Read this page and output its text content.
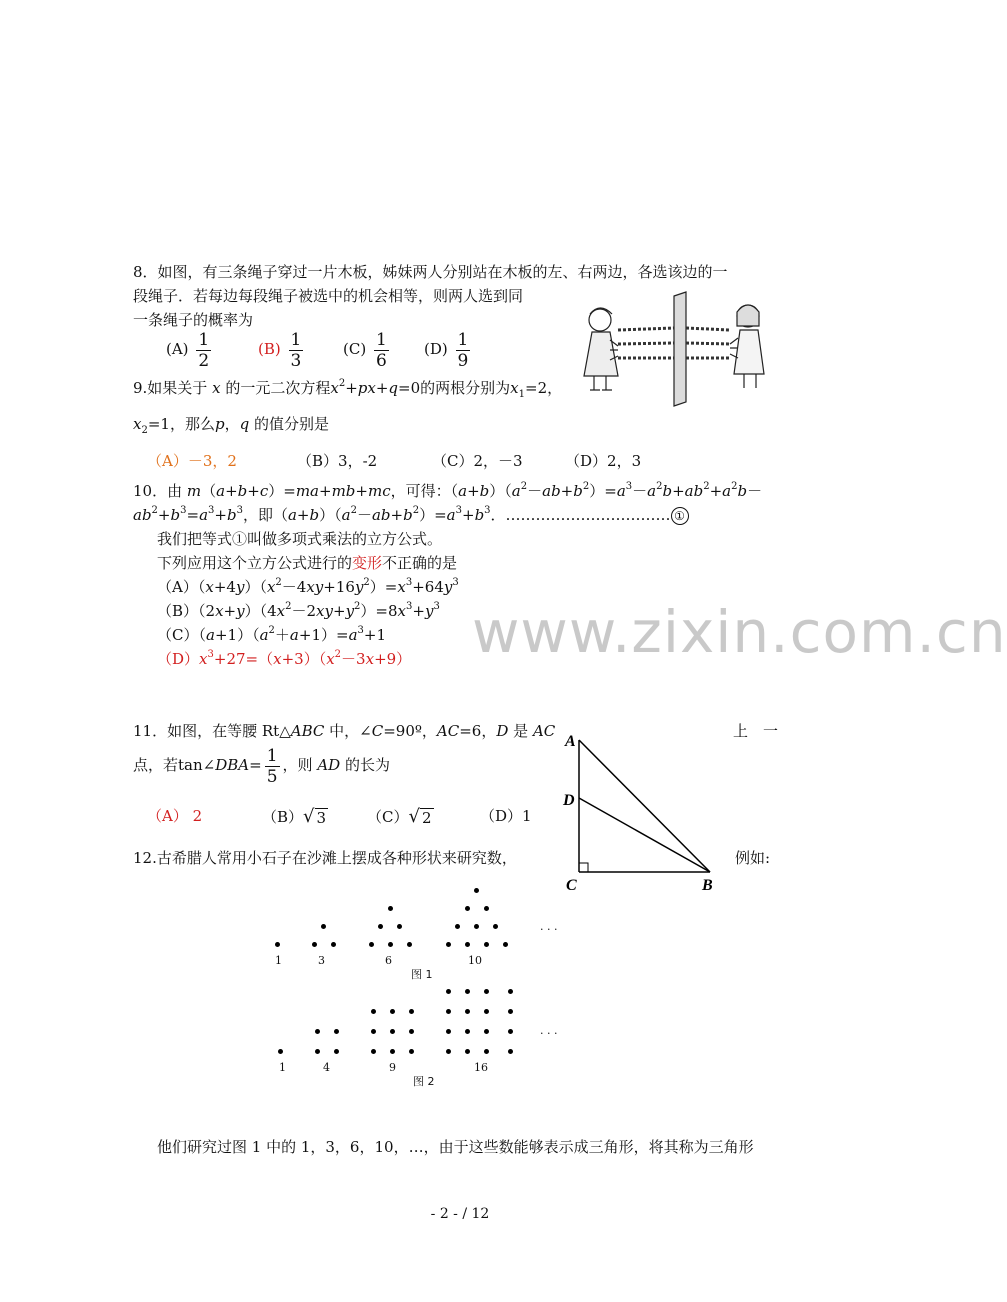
www.zixin.com.cn
8．如图，有三条绳子穿过一片木板，姊妹两人分别站在木板的左、右两边，各选该边的一
段绳子．若每边每段绳子被选中的机会相等，则两人选到同
一条绳子的概率为
$(A) \frac{1}{2}$	$(B) \frac{1}{3}$	$(C) \frac{1}{6} (D) \frac{1}{9}$
9.如果关于 x 的一元二次方程$x^2+px+q=0$的两根分别为$x_1=2$，
$x_2=1$，那么p，q 的值分别是
（A）－3，2	（B）3，-2	（C）2，－3	（D）2，3
10．由 m（a+b+c）=ma+mb+mc，可得：$(a+b)(a^2-ab+b^2)=a^3-a^2b+ab^2+a^2b-$
$ab^2+b^3=a^3+b^3$，即$(a+b)(a^2-ab+b^2)=a^3+b^3$．…………………………… ①
我们把等式①叫做多项式乘法的立方公式。
下列应用这个立方公式进行的变形不正确的是
$(A)(x+4y)(x^2-4xy+16y^2)=x^3+64y^3$
$(B)(2x+y)(4x^2-2xy+y^2)=8x^3+y^3$
$(C)(a+1)(a^2+a+1)=a^3+1$
$(D)x^3+27=(x+3)(x^2-3x+9)$
11．如图，在等腰 Rt△ABC 中，∠C=90º，AC=6，D 是 AC	上　一
点，若tan∠DBA= $\frac{1}{5}$ ，则 AD 的长为
（A） 2	（B） √ 3	（C） √ 2	（D）1
A
D
C	B
12.古希腊人常用小石子在沙滩上摆成各种形状来研究数，	例如:
1	3	6	10
. . .
图 1
1	4	9	16
. . .
图 2
他们研究过图 1 中的 1，3，6，10，…，由于这些数能够表示成三角形，将其称为三角形
- 2 - / 12
